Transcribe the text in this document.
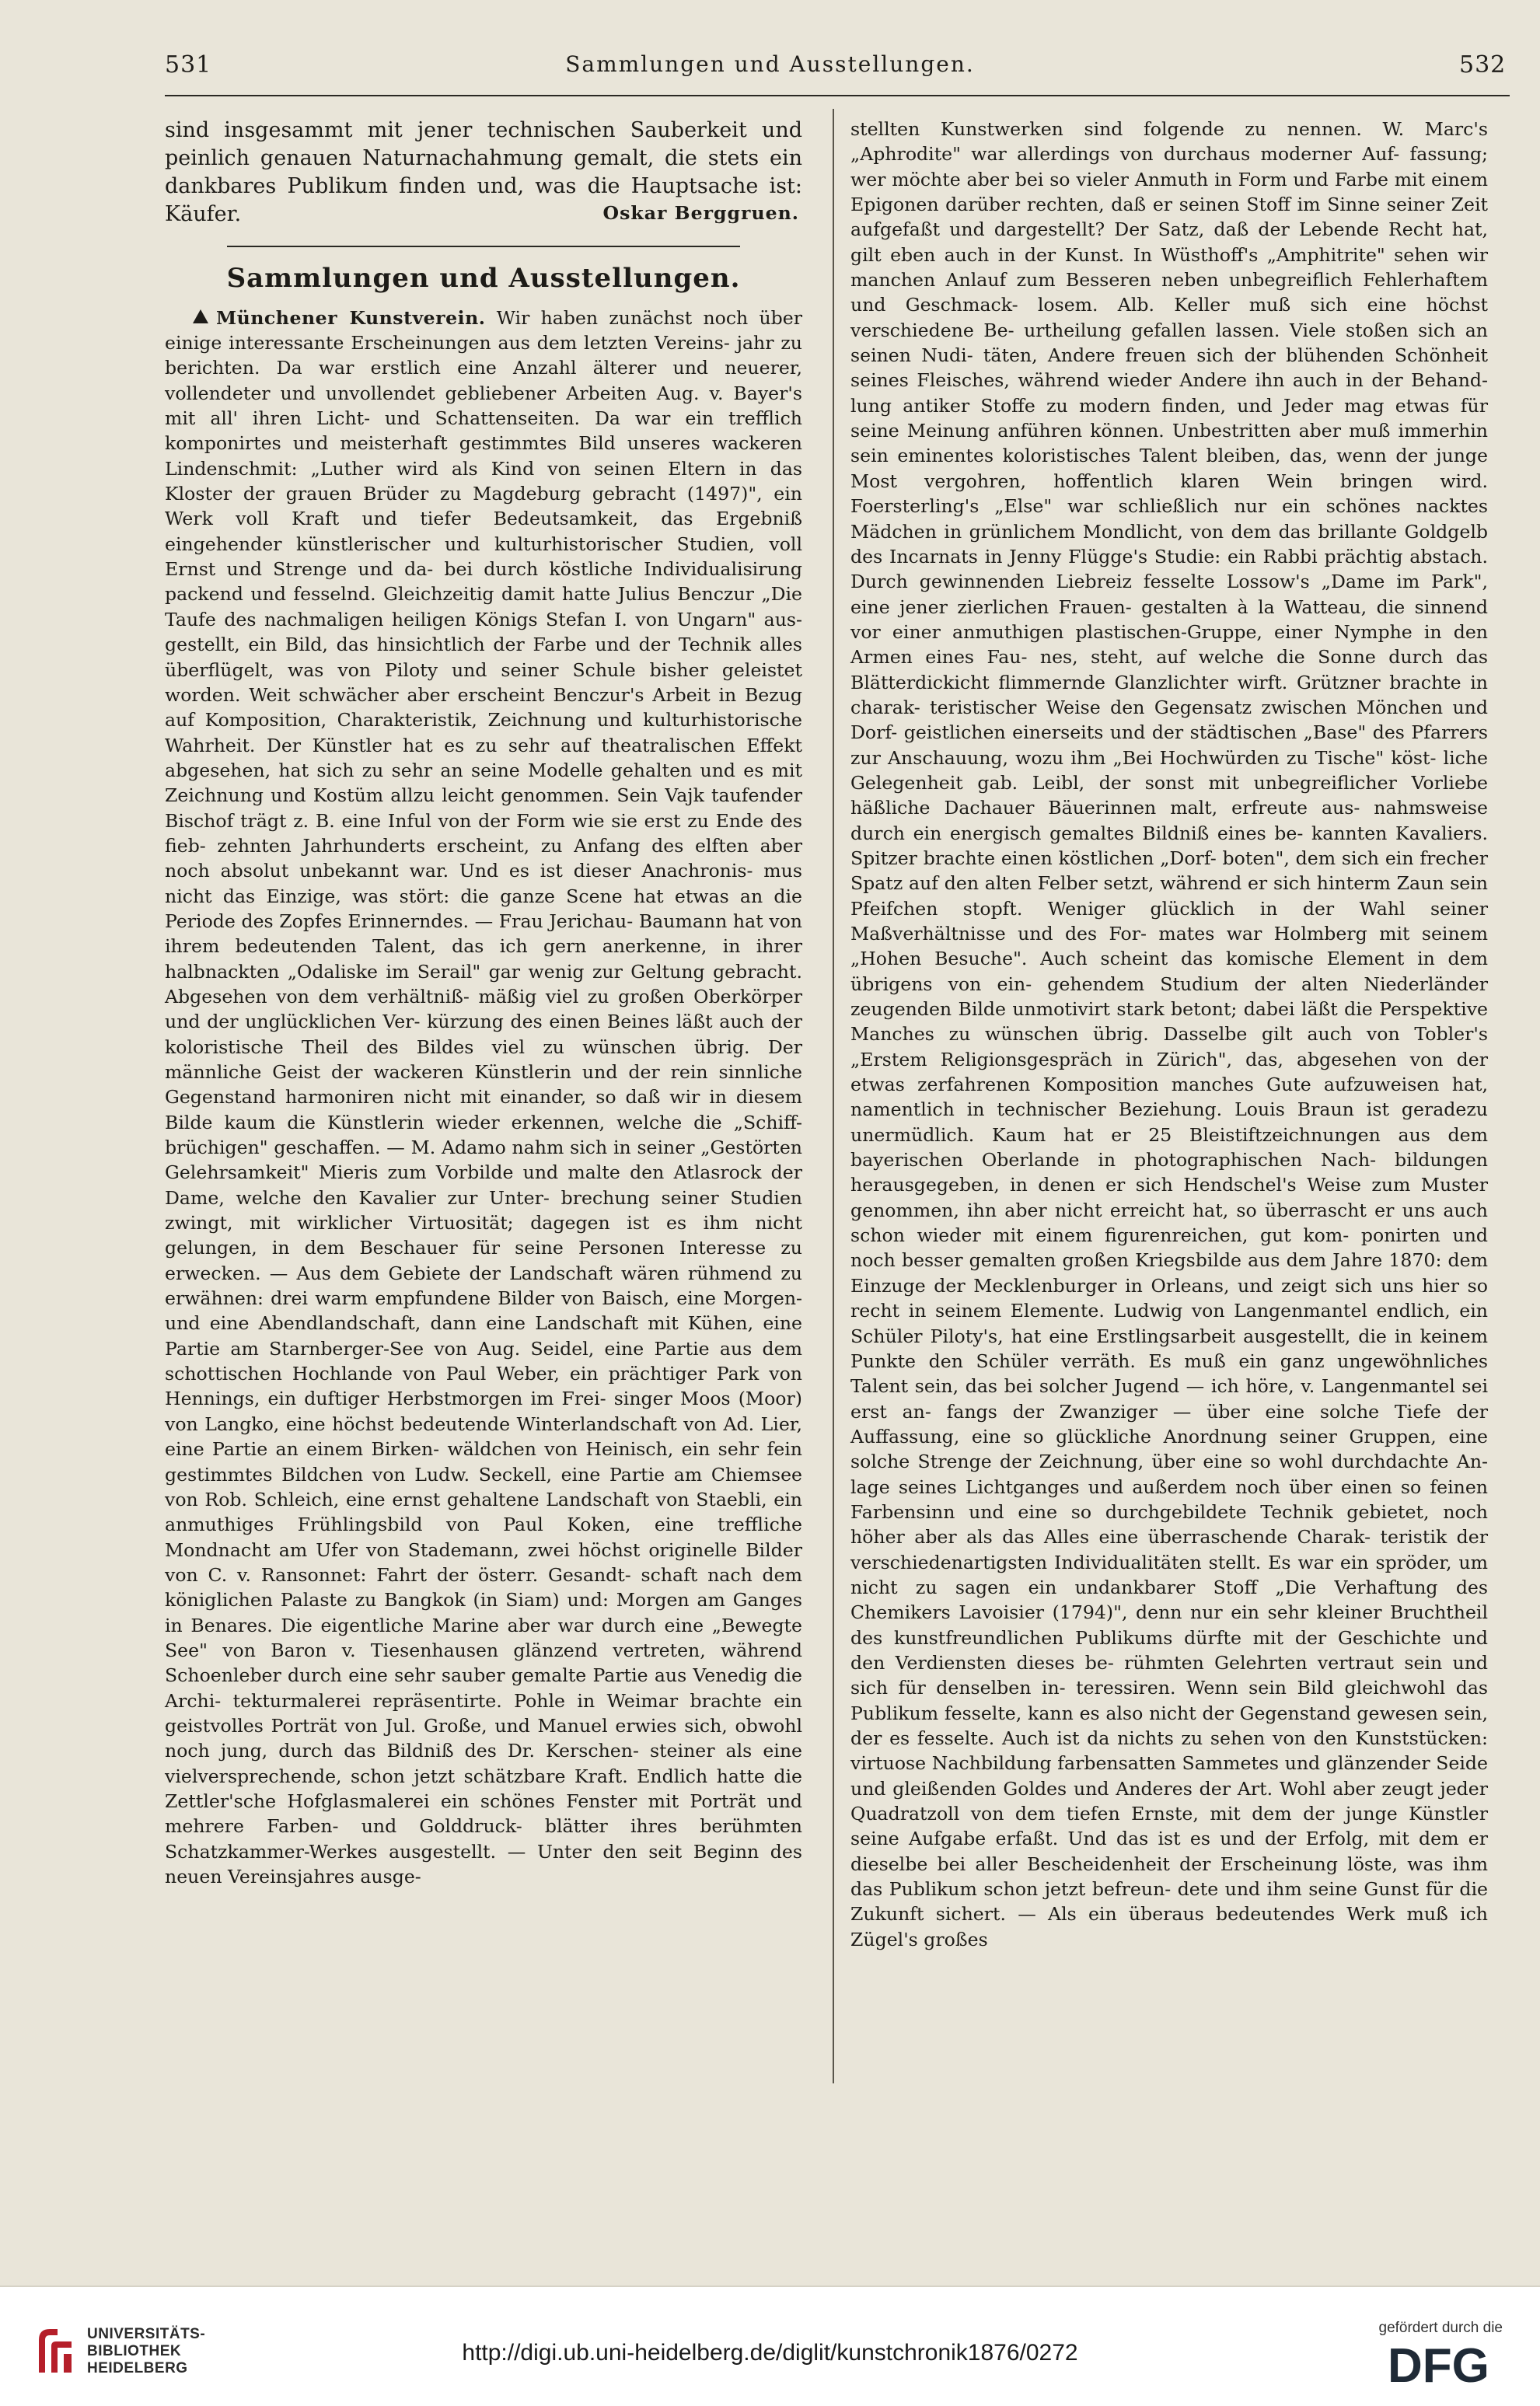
531	Sammlungen und Ausstellungen.	532

sind insgesammt mit jener technischen Sauberkeit und peinlich genauen Naturnachahmung gemalt, die stets ein dankbares Publikum finden und, was die Hauptsache ist: Käufer.	Oskar Berggruen.
Sammlungen und Ausstellungen.

Münchener Kunstverein. Wir haben zunächst noch über einige interessante Erscheinungen aus dem letzten Vereins- jahr zu berichten. Da war erstlich eine Anzahl älterer und neuerer, vollendeter und unvollendet gebliebener Arbeiten Aug. v. Bayer's mit all' ihren Licht- und Schattenseiten. Da war ein trefflich komponirtes und meisterhaft gestimmtes Bild unseres wackeren Lindenschmit: „Luther wird als Kind von seinen Eltern in das Kloster der grauen Brüder zu Magdeburg gebracht (1497)", ein Werk voll Kraft und tiefer Bedeutsamkeit, das Ergebniß eingehender künstlerischer und kulturhistorischer Studien, voll Ernst und Strenge und da- bei durch köstliche Individualisirung packend und fesselnd. Gleichzeitig damit hatte Julius Benczur „Die Taufe des nachmaligen heiligen Königs Stefan I. von Ungarn" aus- gestellt, ein Bild, das hinsichtlich der Farbe und der Technik alles überflügelt, was von Piloty und seiner Schule bisher geleistet worden. Weit schwächer aber erscheint Benczur's Arbeit in Bezug auf Komposition, Charakteristik, Zeichnung und kulturhistorische Wahrheit. Der Künstler hat es zu sehr auf theatralischen Effekt abgesehen, hat sich zu sehr an seine Modelle gehalten und es mit Zeichnung und Kostüm allzu leicht genommen. Sein Vajk taufender Bischof trägt z. B. eine Inful von der Form wie sie erst zu Ende des fieb- zehnten Jahrhunderts erscheint, zu Anfang des elften aber noch absolut unbekannt war. Und es ist dieser Anachronis- mus nicht das Einzige, was stört: die ganze Scene hat etwas an die Periode des Zopfes Erinnerndes. — Frau Jerichau- Baumann hat von ihrem bedeutenden Talent, das ich gern anerkenne, in ihrer halbnackten „Odaliske im Serail" gar wenig zur Geltung gebracht. Abgesehen von dem verhältniß- mäßig viel zu großen Oberkörper und der unglücklichen Ver- kürzung des einen Beines läßt auch der koloristische Theil des Bildes viel zu wünschen übrig. Der männliche Geist der wackeren Künstlerin und der rein sinnliche Gegenstand harmoniren nicht mit einander, so daß wir in diesem Bilde kaum die Künstlerin wieder erkennen, welche die „Schiff- brüchigen" geschaffen. — M. Adamo nahm sich in seiner „Gestörten Gelehrsamkeit" Mieris zum Vorbilde und malte den Atlasrock der Dame, welche den Kavalier zur Unter- brechung seiner Studien zwingt, mit wirklicher Virtuosität; dagegen ist es ihm nicht gelungen, in dem Beschauer für seine Personen Interesse zu erwecken. — Aus dem Gebiete der Landschaft wären rühmend zu erwähnen: drei warm empfundene Bilder von Baisch, eine Morgen- und eine Abendlandschaft, dann eine Landschaft mit Kühen, eine Partie am Starnberger-See von Aug. Seidel, eine Partie aus dem schottischen Hochlande von Paul Weber, ein prächtiger Park von Hennings, ein duftiger Herbstmorgen im Frei- singer Moos (Moor) von Langko, eine höchst bedeutende Winterlandschaft von Ad. Lier, eine Partie an einem Birken- wäldchen von Heinisch, ein sehr fein gestimmtes Bildchen von Ludw. Seckell, eine Partie am Chiemsee von Rob. Schleich, eine ernst gehaltene Landschaft von Staebli, ein anmuthiges Frühlingsbild von Paul Koken, eine treffliche Mondnacht am Ufer von Stademann, zwei höchst originelle Bilder von C. v. Ransonnet: Fahrt der österr. Gesandt- schaft nach dem königlichen Palaste zu Bangkok (in Siam) und: Morgen am Ganges in Benares. Die eigentliche Marine aber war durch eine „Bewegte See" von Baron v. Tiesenhausen glänzend vertreten, während Schoenleber durch eine sehr sauber gemalte Partie aus Venedig die Archi- tekturmalerei repräsentirte. Pohle in Weimar brachte ein geistvolles Porträt von Jul. Große, und Manuel erwies sich, obwohl noch jung, durch das Bildniß des Dr. Kerschen- steiner als eine vielversprechende, schon jetzt schätzbare Kraft. Endlich hatte die Zettler'sche Hofglasmalerei ein schönes Fenster mit Porträt und mehrere Farben- und Golddruck- blätter ihres berühmten Schatzkammer-Werkes ausgestellt. — Unter den seit Beginn des neuen Vereinsjahres ausge-

stellten Kunstwerken sind folgende zu nennen. W. Marc's „Aphrodite" war allerdings von durchaus moderner Auf- fassung; wer möchte aber bei so vieler Anmuth in Form und Farbe mit einem Epigonen darüber rechten, daß er seinen Stoff im Sinne seiner Zeit aufgefaßt und dargestellt? Der Satz, daß der Lebende Recht hat, gilt eben auch in der Kunst. In Wüsthoff's „Amphitrite" sehen wir manchen Anlauf zum Besseren neben unbegreiflich Fehlerhaftem und Geschmack- losem. Alb. Keller muß sich eine höchst verschiedene Be- urtheilung gefallen lassen. Viele stoßen sich an seinen Nudi- täten, Andere freuen sich der blühenden Schönheit seines Fleisches, während wieder Andere ihn auch in der Behand- lung antiker Stoffe zu modern finden, und Jeder mag etwas für seine Meinung anführen können. Unbestritten aber muß immerhin sein eminentes koloristisches Talent bleiben, das, wenn der junge Most vergohren, hoffentlich klaren Wein bringen wird. Foersterling's „Else" war schließlich nur ein schönes nacktes Mädchen in grünlichem Mondlicht, von dem das brillante Goldgelb des Incarnats in Jenny Flügge's Studie: ein Rabbi prächtig abstach. Durch gewinnenden Liebreiz fesselte Lossow's „Dame im Park", eine jener zierlichen Frauen- gestalten à la Watteau, die sinnend vor einer anmuthigen plastischen-Gruppe, einer Nymphe in den Armen eines Fau- nes, steht, auf welche die Sonne durch das Blätterdickicht flimmernde Glanzlichter wirft. Grützner brachte in charak- teristischer Weise den Gegensatz zwischen Mönchen und Dorf- geistlichen einerseits und der städtischen „Base" des Pfarrers zur Anschauung, wozu ihm „Bei Hochwürden zu Tische" köst- liche Gelegenheit gab. Leibl, der sonst mit unbegreiflicher Vorliebe häßliche Dachauer Bäuerinnen malt, erfreute aus- nahmsweise durch ein energisch gemaltes Bildniß eines be- kannten Kavaliers. Spitzer brachte einen köstlichen „Dorf- boten", dem sich ein frecher Spatz auf den alten Felber setzt, während er sich hinterm Zaun sein Pfeifchen stopft. Weniger glücklich in der Wahl seiner Maßverhältnisse und des For- mates war Holmberg mit seinem „Hohen Besuche". Auch scheint das komische Element in dem übrigens von ein- gehendem Studium der alten Niederländer zeugenden Bilde unmotivirt stark betont; dabei läßt die Perspektive Manches zu wünschen übrig. Dasselbe gilt auch von Tobler's „Erstem Religionsgespräch in Zürich", das, abgesehen von der etwas zerfahrenen Komposition manches Gute aufzuweisen hat, namentlich in technischer Beziehung. Louis Braun ist geradezu unermüdlich. Kaum hat er 25 Bleistiftzeichnungen aus dem bayerischen Oberlande in photographischen Nach- bildungen herausgegeben, in denen er sich Hendschel's Weise zum Muster genommen, ihn aber nicht erreicht hat, so überrascht er uns auch schon wieder mit einem figurenreichen, gut kom- ponirten und noch besser gemalten großen Kriegsbilde aus dem Jahre 1870: dem Einzuge der Mecklenburger in Orleans, und zeigt sich uns hier so recht in seinem Elemente. Ludwig von Langenmantel endlich, ein Schüler Piloty's, hat eine Erstlingsarbeit ausgestellt, die in keinem Punkte den Schüler verräth. Es muß ein ganz ungewöhnliches Talent sein, das bei solcher Jugend — ich höre, v. Langenmantel sei erst an- fangs der Zwanziger — über eine solche Tiefe der Auffassung, eine so glückliche Anordnung seiner Gruppen, eine solche Strenge der Zeichnung, über eine so wohl durchdachte An- lage seines Lichtganges und außerdem noch über einen so feinen Farbensinn und eine so durchgebildete Technik gebietet, noch höher aber als das Alles eine überraschende Charak- teristik der verschiedenartigsten Individualitäten stellt. Es war ein spröder, um nicht zu sagen ein undankbarer Stoff „Die Verhaftung des Chemikers Lavoisier (1794)", denn nur ein sehr kleiner Bruchtheil des kunstfreundlichen Publikums dürfte mit der Geschichte und den Verdiensten dieses be- rühmten Gelehrten vertraut sein und sich für denselben in- teressiren. Wenn sein Bild gleichwohl das Publikum fesselte, kann es also nicht der Gegenstand gewesen sein, der es fesselte. Auch ist da nichts zu sehen von den Kunststücken: virtuose Nachbildung farbensatten Sammetes und glänzender Seide und gleißenden Goldes und Anderes der Art. Wohl aber zeugt jeder Quadratzoll von dem tiefen Ernste, mit dem der junge Künstler seine Aufgabe erfaßt. Und das ist es und der Erfolg, mit dem er dieselbe bei aller Bescheidenheit der Erscheinung löste, was ihm das Publikum schon jetzt befreun- dete und ihm seine Gunst für die Zukunft sichert. — Als ein überaus bedeutendes Werk muß ich Zügel's großes

UNIVERSITÄTS-
BIBLIOTHEK
HEIDELBERG
http://digi.ub.uni-heidelberg.de/diglit/kunstchronik1876/0272
gefördert durch die
DFG
